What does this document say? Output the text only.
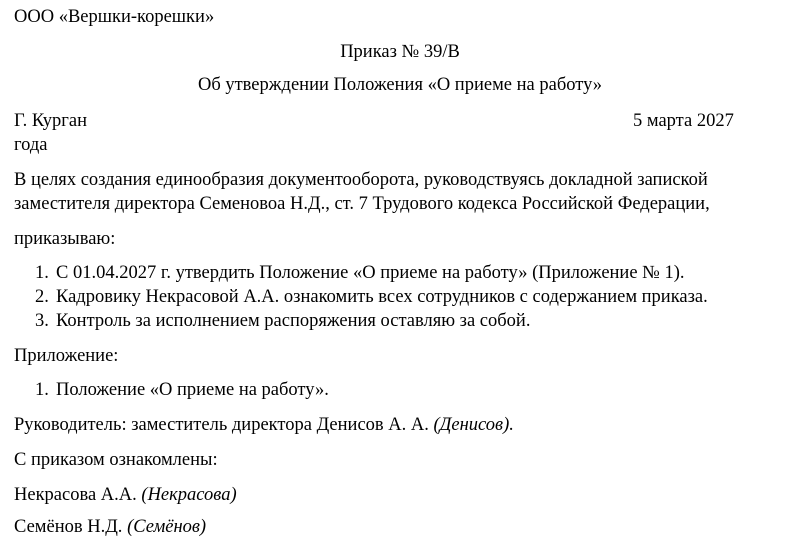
ООО «Вершки-корешки»
Приказ № 39/В
Об утверждении Положения «О приеме на работу»
Г. Курган	5 марта 2027
года
В целях создания единообразия документооборота, руководствуясь докладной запиской
заместителя директора Семеновоа Н.Д., ст. 7 Трудового кодекса Российской Федерации,
приказываю:
1. С 01.04.2027 г. утвердить Положение «О приеме на работу» (Приложение № 1).
2. Кадровику Некрасовой А.А. ознакомить всех сотрудников с содержанием приказа.
3. Контроль за исполнением распоряжения оставляю за собой.
Приложение:
1. Положение «О приеме на работу».
Руководитель: заместитель директора Денисов А. А. (Денисов).
С приказом ознакомлены:
Некрасова А.А. (Некрасова)
Семёнов Н.Д. (Семёнов)
